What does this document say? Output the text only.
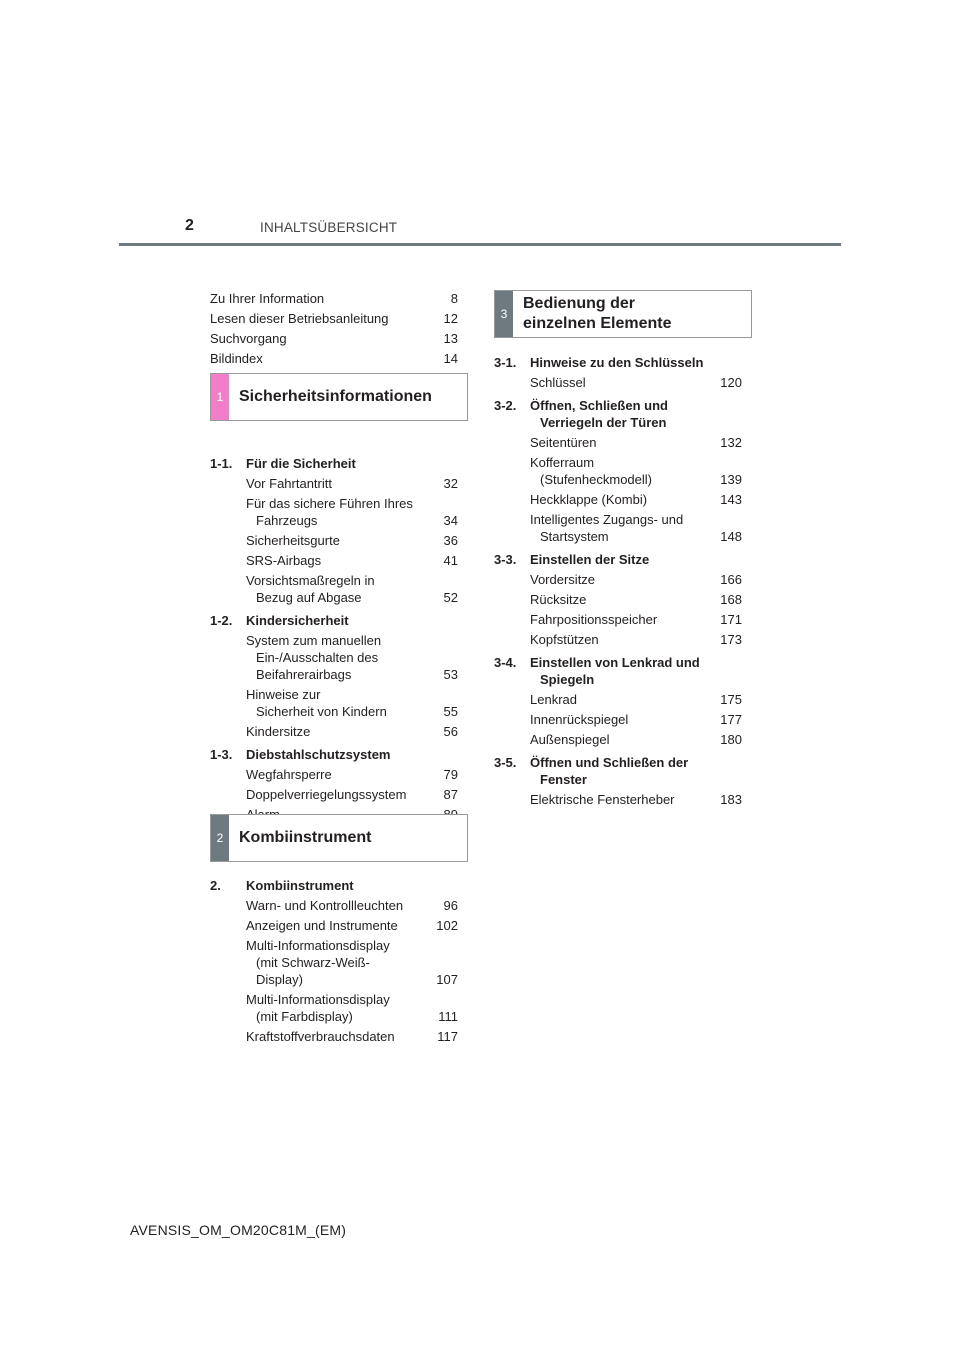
2	INHALTSÜBERSICHT
Zu Ihrer Information	8
Lesen dieser Betriebsanleitung	12
Suchvorgang	13
Bildindex	14
1-1.	Für die Sicherheit
Vor Fahrtantritt	32
Für das sichere Führen Ihres
Fahrzeugs	34
Sicherheitsgurte	36
SRS-Airbags	41
Vorsichtsmaßregeln in
Bezug auf Abgase	52
1-2.	Kindersicherheit
System zum manuellen
Ein-/Ausschalten des
Beifahrerairbags	53
Hinweise zur
Sicherheit von Kindern	55
Kindersitze	56
1-3.	Diebstahlschutzsystem
Wegfahrsperre	79
Doppelverriegelungssystem	87
2.	Kombiinstrument
Warn- und Kontrollleuchten	96
Anzeigen und Instrumente	102
Multi-Informationsdisplay
(mit Schwarz-Weiß-
Display)	107
Multi-Informationsdisplay
(mit Farbdisplay)	111
Kraftstoffverbrauchsdaten	117
1 Sicherheitsinformationen
2 Kombiinstrument
3
Bedienung der
einzelnen Elemente
3-1.	Hinweise zu den Schlüsseln
Schlüssel	120
3-2.	Öffnen, Schließen und
Verriegeln der Türen
Seitentüren	132
Kofferraum
(Stufenheckmodell)	139
Heckklappe (Kombi)	143
Intelligentes Zugangs- und
Startsystem	148
3-3.	Einstellen der Sitze
Vordersitze	166
Rücksitze	168
Fahrpositionsspeicher	171
Kopfstützen	173
3-4.	Einstellen von Lenkrad und
Spiegeln
Lenkrad	175
Innenrückspiegel	177
Außenspiegel	180
3-5.	Öffnen und Schließen der
Fenster
Elektrische Fensterheber	183
AVENSIS_OM_OM20C81M_(EM)
